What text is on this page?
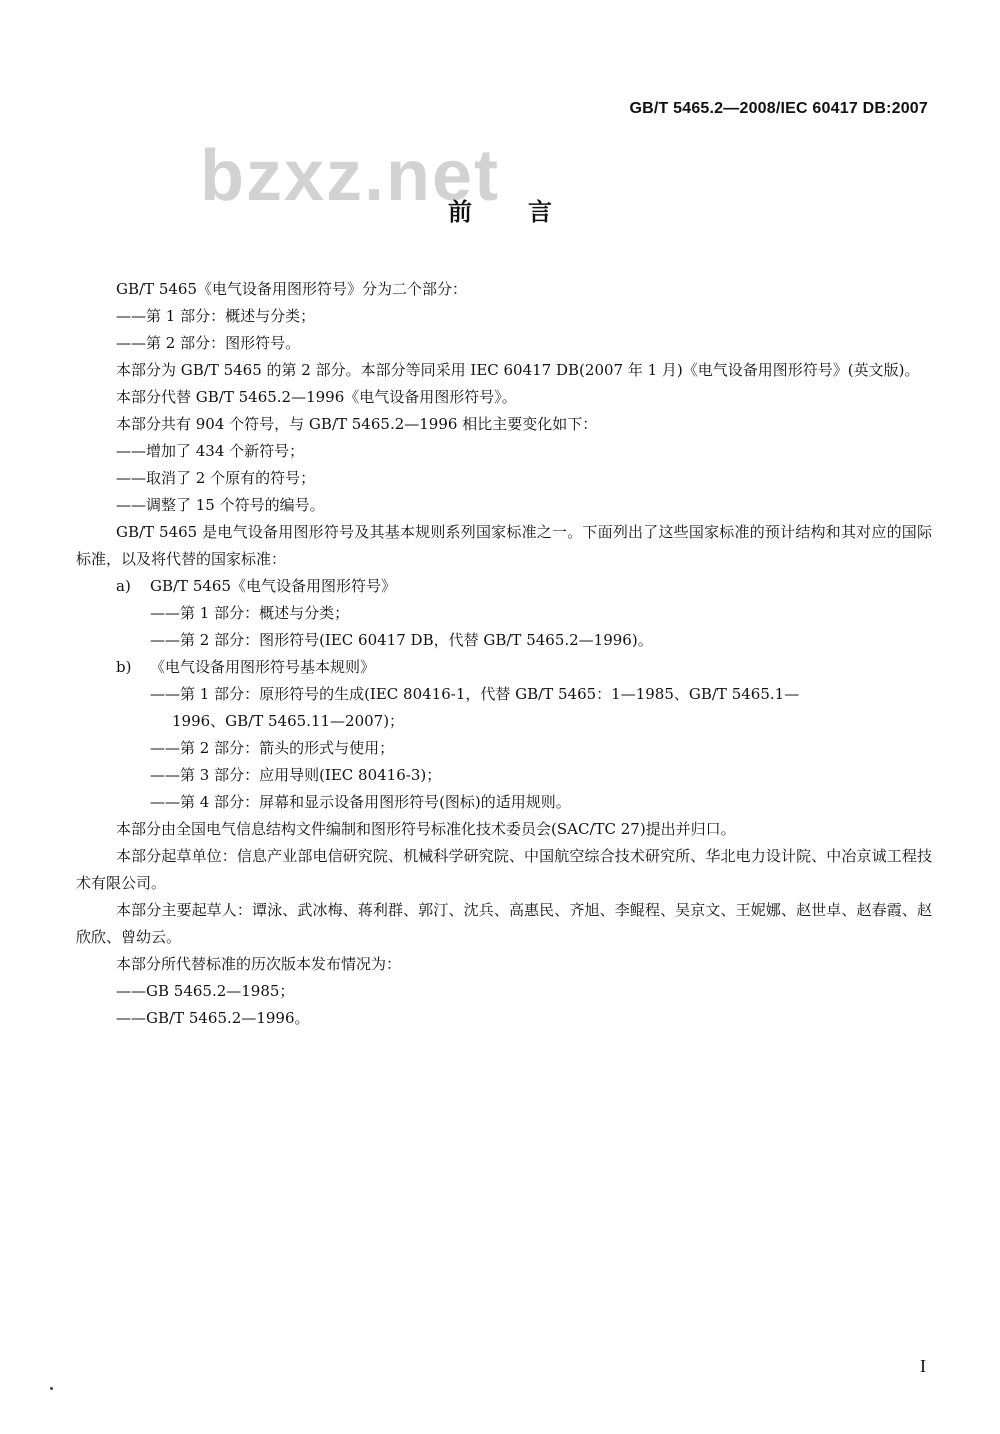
GB/T 5465.2—2008/IEC 60417 DB:2007
bzxz.net
前言

GB/T 5465《电气设备用图形符号》分为二个部分：

——第 1 部分：概述与分类；

——第 2 部分：图形符号。

本部分为 GB/T 5465 的第 2 部分。本部分等同采用 IEC 60417 DB(2007 年 1 月)《电气设备用图形符号》(英文版)。

本部分代替 GB/T 5465.2—1996《电气设备用图形符号》。

本部分共有 904 个符号，与 GB/T 5465.2—1996 相比主要变化如下：

——增加了 434 个新符号；

——取消了 2 个原有的符号；

——调整了 15 个符号的编号。

GB/T 5465 是电气设备用图形符号及其基本规则系列国家标准之一。下面列出了这些国家标准的预计结构和其对应的国际标准，以及将代替的国家标准：

a) GB/T 5465《电气设备用图形符号》

——第 1 部分：概述与分类；

——第 2 部分：图形符号(IEC 60417 DB，代替 GB/T 5465.2—1996)。

b) 《电气设备用图形符号基本规则》

——第 1 部分：原形符号的生成(IEC 80416-1，代替 GB/T 5465：1—1985、GB/T 5465.1—

1996、GB/T 5465.11—2007)；

——第 2 部分：箭头的形式与使用；

——第 3 部分：应用导则(IEC 80416-3)；

——第 4 部分：屏幕和显示设备用图形符号(图标)的适用规则。

本部分由全国电气信息结构文件编制和图形符号标准化技术委员会(SAC/TC 27)提出并归口。

本部分起草单位：信息产业部电信研究院、机械科学研究院、中国航空综合技术研究所、华北电力设计院、中冶京诚工程技术有限公司。

本部分主要起草人：谭泳、武冰梅、蒋利群、郭汀、沈兵、高惠民、齐旭、李鲲程、吴京文、王妮娜、赵世卓、赵春霞、赵欣欣、曾幼云。

本部分所代替标准的历次版本发布情况为：

——GB 5465.2—1985；

——GB/T 5465.2—1996。

I
